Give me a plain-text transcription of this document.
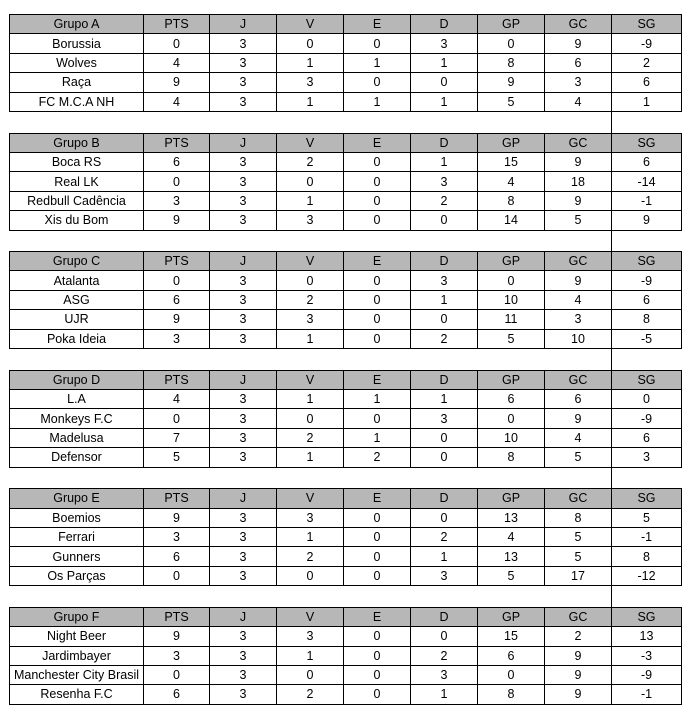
Grupo A	PTS	J	V	E	D	GP	GC	SG
Borussia	0	3	0	0	3	0	9	-9
Wolves	4	3	1	1	1	8	6	2
Raça	9	3	3	0	0	9	3	6
FC M.C.A NH	4	3	1	1	1	5	4	1
Grupo B	PTS	J	V	E	D	GP	GC	SG
Boca RS	6	3	2	0	1	15	9	6
Real LK	0	3	0	0	3	4	18	-14
Redbull Cadência	3	3	1	0	2	8	9	-1
Xis du Bom	9	3	3	0	0	14	5	9
Grupo C	PTS	J	V	E	D	GP	GC	SG
Atalanta	0	3	0	0	3	0	9	-9
ASG	6	3	2	0	1	10	4	6
UJR	9	3	3	0	0	11	3	8
Poka Ideia	3	3	1	0	2	5	10	-5
Grupo D	PTS	J	V	E	D	GP	GC	SG
L.A	4	3	1	1	1	6	6	0
Monkeys F.C	0	3	0	0	3	0	9	-9
Madelusa	7	3	2	1	0	10	4	6
Defensor	5	3	1	2	0	8	5	3
Grupo E	PTS	J	V	E	D	GP	GC	SG
Boemios	9	3	3	0	0	13	8	5
Ferrari	3	3	1	0	2	4	5	-1
Gunners	6	3	2	0	1	13	5	8
Os Parças	0	3	0	0	3	5	17	-12
Grupo F	PTS	J	V	E	D	GP	GC	SG
Night Beer	9	3	3	0	0	15	2	13
Jardimbayer	3	3	1	0	2	6	9	-3
Manchester City Brasil	0	3	0	0	3	0	9	-9
Resenha F.C	6	3	2	0	1	8	9	-1
